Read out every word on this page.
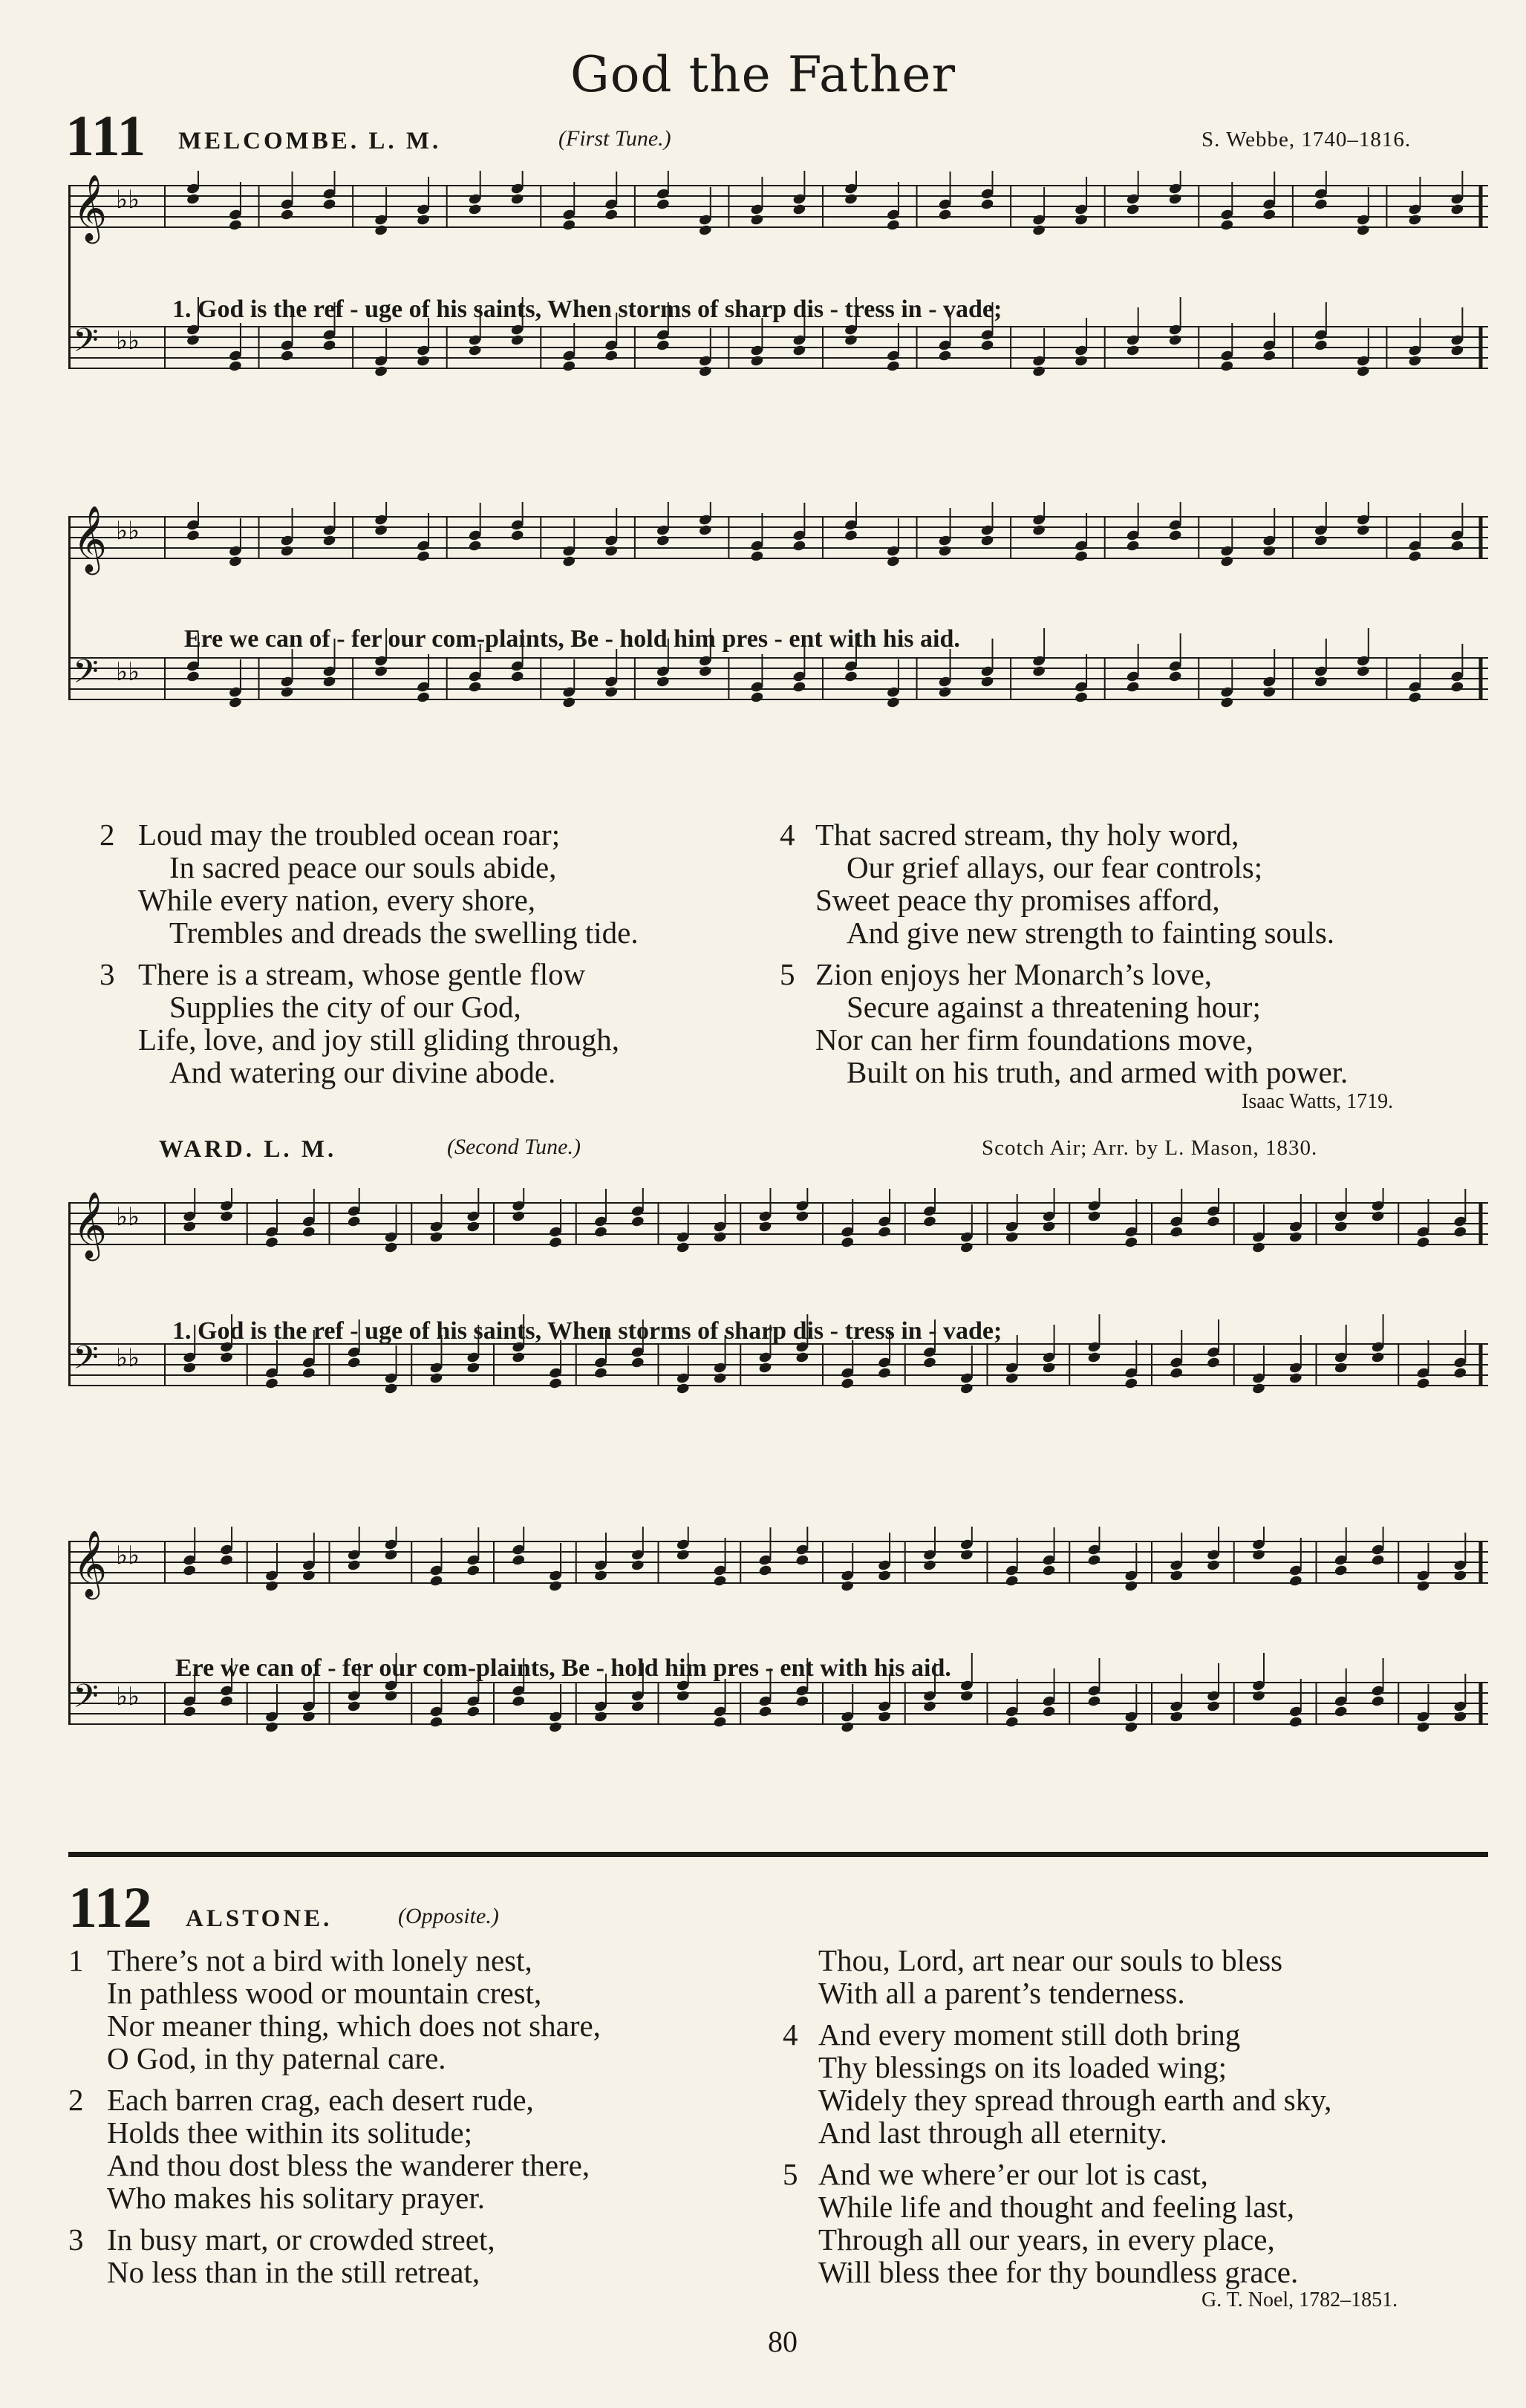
God the Father
111 MELCOMBE. L. M.	(First Tune.)	S. Webbe, 1740–1816.
𝄞 ♭♭
𝄢 ♭♭
1. God is the ref - uge of his saints, When storms of sharp dis - tress in - vade;
𝄞 ♭♭
𝄢 ♭♭
Ere we can of - fer our com-plaints, Be - hold him pres - ent with his aid.
2 Loud may the troubled ocean roar;
In sacred peace our souls abide,
While every nation, every shore,
Trembles and dreads the swelling tide.
3 There is a stream, whose gentle flow
Supplies the city of our God,
Life, love, and joy still gliding through,
And watering our divine abode.
4 That sacred stream, thy holy word,
Our grief allays, our fear controls;
Sweet peace thy promises afford,
And give new strength to fainting souls.
5 Zion enjoys her Monarch’s love,
Secure against a threatening hour;
Nor can her firm foundations move,
Built on his truth, and armed with power.
Isaac Watts, 1719.
WARD. L. M.	(Second Tune.)	Scotch Air; Arr. by L. Mason, 1830.
𝄞 ♭♭
𝄢 ♭♭
1. God is the ref - uge of his saints, When storms of sharp dis - tress in - vade;
𝄞 ♭♭
𝄢 ♭♭
Ere we can of - fer our com-plaints, Be - hold him pres - ent with his aid.
112 ALSTONE.	(Opposite.)
1 There’s not a bird with lonely nest,
In pathless wood or mountain crest,
Nor meaner thing, which does not share,
O God, in thy paternal care.
2 Each barren crag, each desert rude,
Holds thee within its solitude;
And thou dost bless the wanderer there,
Who makes his solitary prayer.
3 In busy mart, or crowded street,
No less than in the still retreat,
Thou, Lord, art near our souls to bless
With all a parent’s tenderness.
4 And every moment still doth bring
Thy blessings on its loaded wing;
Widely they spread through earth and sky,
And last through all eternity.
5 And we where’er our lot is cast,
While life and thought and feeling last,
Through all our years, in every place,
Will bless thee for thy boundless grace.
G. T. Noel, 1782–1851.
80
